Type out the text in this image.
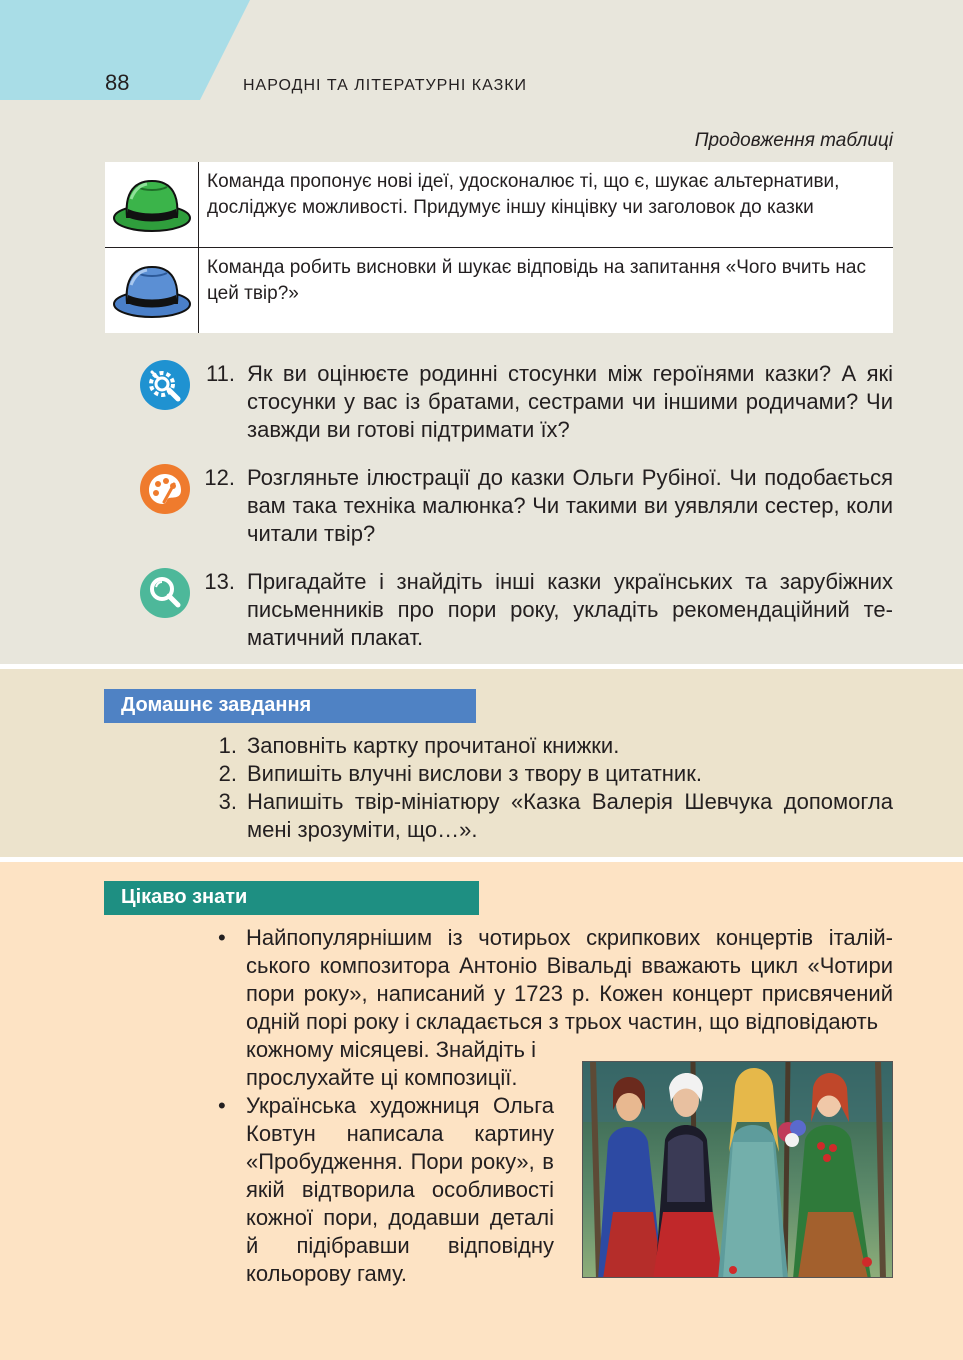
88	НАРОДНІ ТА ЛІТЕРАТУРНІ КАЗКИ
Продовження таблиці
Команда пропонує нові ідеї, удосконалює ті, що є, шукає альтернативи, досліджує можливості. Придумує іншу кінцівку чи заголовок до казки
Команда робить висновки й шукає відповідь на запитання «Чого вчить нас цей твір?»
11. Як ви оцінюєте родинні стосунки між героїнями казки? А які стосунки у вас із братами, сестрами чи іншими родичами? Чи завжди ви готові підтримати їх?
12. Розгляньте ілюстрації до казки Ольги Рубіної. Чи подобається вам така техніка малюнка? Чи такими ви уявляли сестер, коли читали твір?
13. Пригадайте і знайдіть інші казки українських та зарубіжних письменників про пори року, укладіть рекомендаційний тематичний плакат.
Домашнє завдання
1. Заповніть картку прочитаної книжки.
2. Випишіть влучні вислови з твору в цитатник.
3. Напишіть твір-мініатюру «Казка Валерія Шевчука допомогла мені зрозуміти, що…».
Цікаво знати
• Найпопулярнішим із чотирьох скрипкових концертів італійського композитора Антоніо Вівальді вважають цикл «Чотири пори року», написаний у 1723 р. Кожен концерт присвячений одній порі року і складається з трьох частин, що відповідають
кожному місяцеві. Знайдіть і прослухайте ці композиції.
• Українська художниця Ольга Ковтун написала картину «Пробудження. Пори року», в якій відтворила особливості кожної пори, додавши деталі й підібравши відповідну кольорову гаму.
